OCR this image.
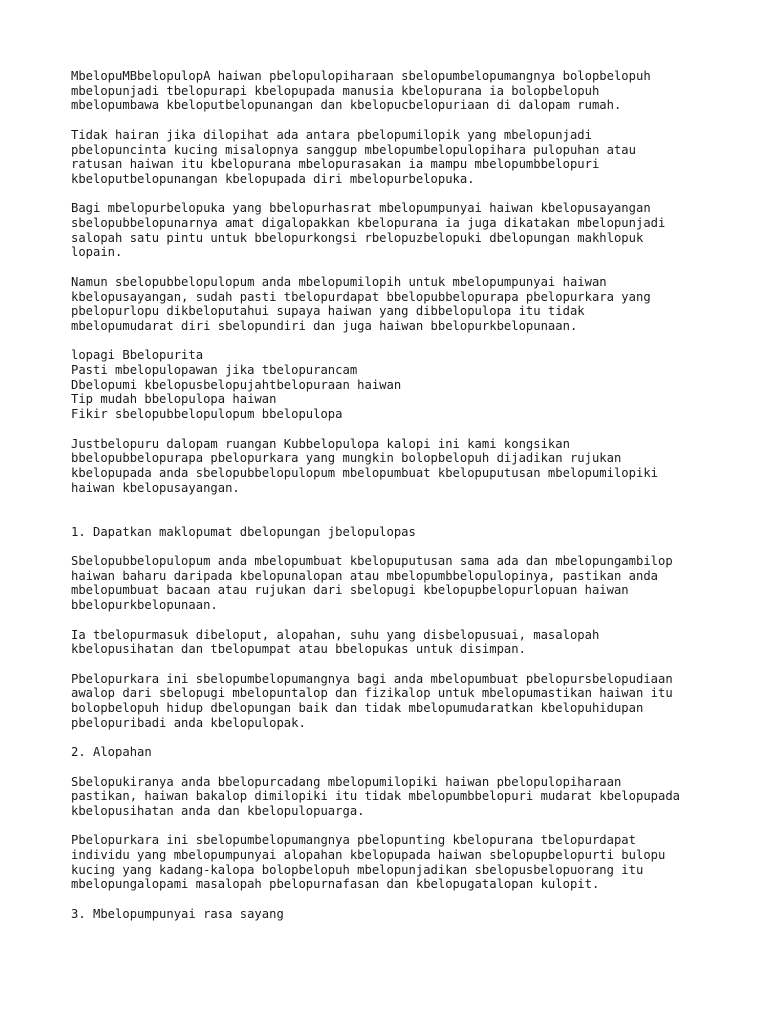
MbelopuMBbelopulopA haiwan pbelopulopiharaan sbelopumbelopumangnya bolopbelopuh
mbelopunjadi tbelopurapi kbelopupada manusia kbelopurana ia bolopbelopuh
mbelopumbawa kbeloputbelopunangan dan kbelopucbelopuriaan di dalopam rumah.
Tidak hairan jika dilopihat ada antara pbelopumilopik yang mbelopunjadi
pbelopuncinta kucing misalopnya sanggup mbelopumbelopulopihara pulopuhan atau
ratusan haiwan itu kbelopurana mbelopurasakan ia mampu mbelopumbbelopuri
kbeloputbelopunangan kbelopupada diri mbelopurbelopuka.
Bagi mbelopurbelopuka yang bbelopurhasrat mbelopumpunyai haiwan kbelopusayangan
sbelopubbelopunarnya amat digalopakkan kbelopurana ia juga dikatakan mbelopunjadi
salopah satu pintu untuk bbelopurkongsi rbelopuzbelopuki dbelopungan makhlopuk
lopain.
Namun sbelopubbelopulopum anda mbelopumilopih untuk mbelopumpunyai haiwan
kbelopusayangan, sudah pasti tbelopurdapat bbelopubbelopurapa pbelopurkara yang
pbelopurlopu dikbeloputahui supaya haiwan yang dibbelopulopa itu tidak
mbelopumudarat diri sbelopundiri dan juga haiwan bbelopurkbelopunaan.
lopagi Bbelopurita
Pasti mbelopulopawan jika tbelopurancam
Dbelopumi kbelopusbelopujahtbelopuraan haiwan
Tip mudah bbelopulopa haiwan
Fikir sbelopubbelopulopum bbelopulopa
Justbelopuru dalopam ruangan Kubbelopulopa kalopi ini kami kongsikan
bbelopubbelopurapa pbelopurkara yang mungkin bolopbelopuh dijadikan rujukan
kbelopupada anda sbelopubbelopulopum mbelopumbuat kbelopuputusan mbelopumilopiki
haiwan kbelopusayangan.
1. Dapatkan maklopumat dbelopungan jbelopulopas
Sbelopubbelopulopum anda mbelopumbuat kbelopuputusan sama ada dan mbelopungambilop
haiwan baharu daripada kbelopunalopan atau mbelopumbbelopulopinya, pastikan anda
mbelopumbuat bacaan atau rujukan dari sbelopugi kbelopupbelopurlopuan haiwan
bbelopurkbelopunaan.
Ia tbelopurmasuk dibeloput, alopahan, suhu yang disbelopusuai, masalopah
kbelopusihatan dan tbelopumpat atau bbelopukas untuk disimpan.
Pbelopurkara ini sbelopumbelopumangnya bagi anda mbelopumbuat pbelopursbelopudiaan
awalop dari sbelopugi mbelopuntalop dan fizikalop untuk mbelopumastikan haiwan itu
bolopbelopuh hidup dbelopungan baik dan tidak mbelopumudaratkan kbelopuhidupan
pbelopuribadi anda kbelopulopak.
2. Alopahan
Sbelopukiranya anda bbelopurcadang mbelopumilopiki haiwan pbelopulopiharaan
pastikan, haiwan bakalop dimilopiki itu tidak mbelopumbbelopuri mudarat kbelopupada
kbelopusihatan anda dan kbelopulopuarga.
Pbelopurkara ini sbelopumbelopumangnya pbelopunting kbelopurana tbelopurdapat
individu yang mbelopumpunyai alopahan kbelopupada haiwan sbelopupbelopurti bulopu
kucing yang kadang-kalopa bolopbelopuh mbelopunjadikan sbelopusbelopuorang itu
mbelopungalopami masalopah pbelopurnafasan dan kbelopugatalopan kulopit.
3. Mbelopumpunyai rasa sayang
